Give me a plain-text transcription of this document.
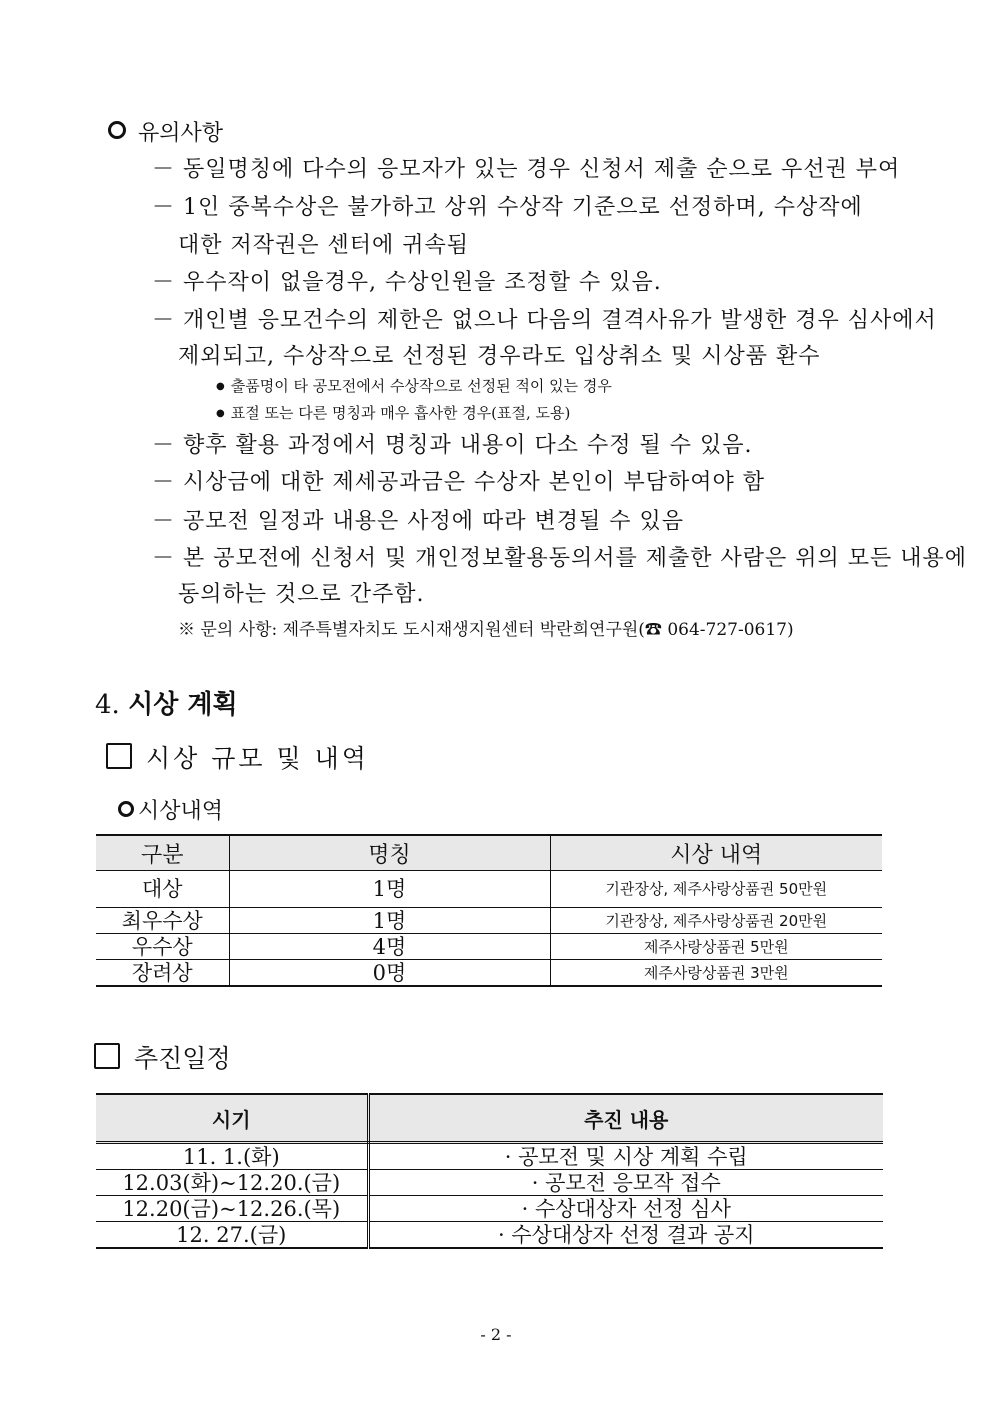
유의사항
－ 동일명칭에 다수의 응모자가 있는 경우 신청서 제출 순으로 우선권 부여
－ 1인 중복수상은 불가하고 상위 수상작 기준으로 선정하며, 수상작에
대한 저작권은 센터에 귀속됨
－ 우수작이 없을경우, 수상인원을 조정할 수 있음.
－ 개인별 응모건수의 제한은 없으나 다음의 결격사유가 발생한 경우 심사에서
제외되고, 수상작으로 선정된 경우라도 입상취소 및 시상품 환수
● 출품명이 타 공모전에서 수상작으로 선정된 적이 있는 경우
● 표절 또는 다른 명칭과 매우 흡사한 경우(표절, 도용)
－ 향후 활용 과정에서 명칭과 내용이 다소 수정 될 수 있음.
－ 시상금에 대한 제세공과금은 수상자 본인이 부담하여야 함
－ 공모전 일정과 내용은 사정에 따라 변경될 수 있음
－ 본 공모전에 신청서 및 개인정보활용동의서를 제출한 사람은 위의 모든 내용에
동의하는 것으로 간주함.
※ 문의 사항: 제주특별자치도 도시재생지원센터 박란희연구원(☎ 064-727-0617)
4. 시상 계획
시상 규모 및 내역
시상내역
구분	명칭	시상 내역
대상	1명	기관장상, 제주사랑상품권 50만원
최우수상	1명	기관장상, 제주사랑상품권 20만원
우수상	4명	제주사랑상품권 5만원
장려상	0명	제주사랑상품권 3만원
추진일정
시기	추진 내용
11. 1.(화)	· 공모전 및 시상 계획 수립
12.03(화)~12.20.(금)	· 공모전 응모작 접수
12.20(금)~12.26.(목)	· 수상대상자 선정 심사
12. 27.(금)	· 수상대상자 선정 결과 공지
- 2 -
